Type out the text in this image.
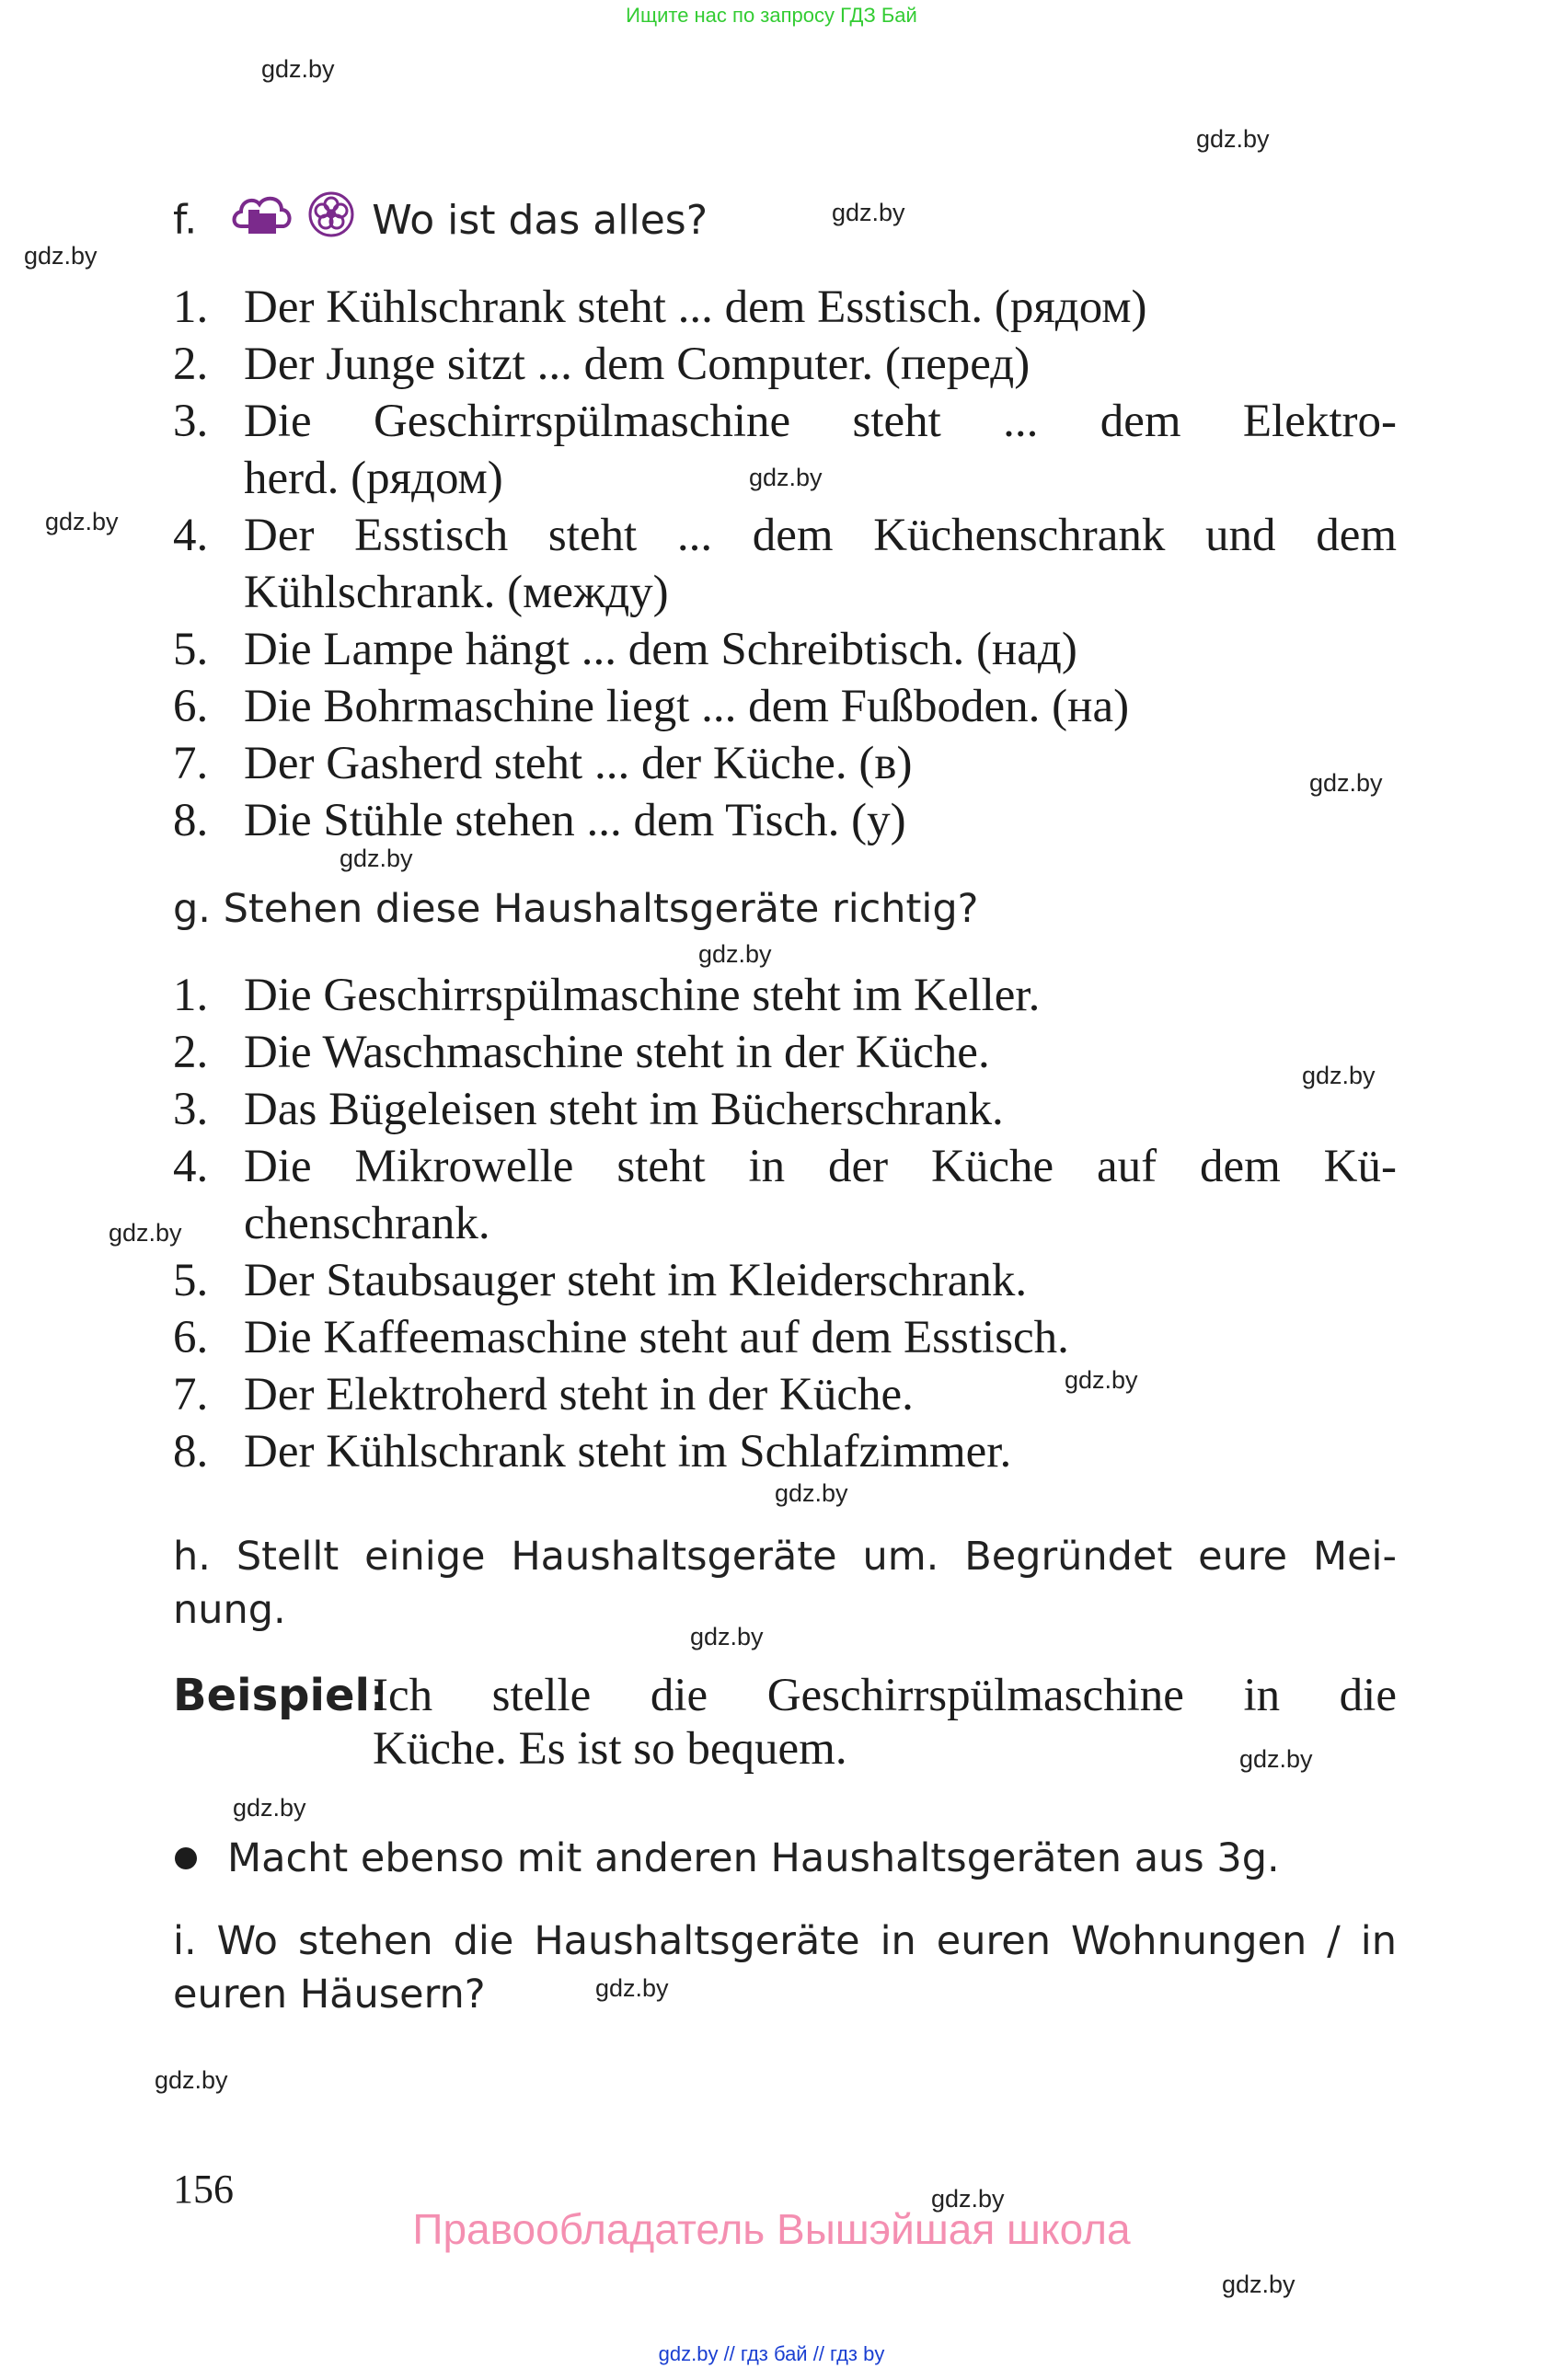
Ищите нас по запросу ГДЗ Бай
gdz.by
gdz.by
gdz.by
gdz.by
gdz.by
gdz.by
gdz.by
gdz.by
gdz.by
gdz.by
gdz.by
gdz.by
gdz.by
gdz.by
gdz.by
gdz.by
gdz.by
gdz.by
gdz.by
gdz.by
f.	Wo ist das alles?
1. Der Kühlschrank steht ... dem Esstisch. (рядом)
2. Der Junge sitzt ... dem Computer. (перед)
3. Die Geschirrspülmaschine steht ... dem Elektro-
herd. (рядом)
4. Der Esstisch steht ... dem Küchenschrank und dem
Kühlschrank. (между)
5. Die Lampe hängt ... dem Schreibtisch. (над)
6. Die Bohrmaschine liegt ... dem Fußboden. (на)
7. Der Gasherd steht ... der Küche. (в)
8. Die Stühle stehen ... dem Tisch. (у)
g. Stehen diese Haushaltsgeräte richtig?
1. Die Geschirrspülmaschine steht im Keller.
2. Die Waschmaschine steht in der Küche.
3. Das Bügeleisen steht im Bücherschrank.
4. Die Mikrowelle steht in der Küche auf dem Kü-
chenschrank.
5. Der Staubsauger steht im Kleiderschrank.
6. Die Kaffeemaschine steht auf dem Esstisch.
7. Der Elektroherd steht in der Küche.
8. Der Kühlschrank steht im Schlafzimmer.
h. Stellt einige Haushaltsgeräte um. Begründet eure Mei-
nung.
Beispiel:
Ich stelle die Geschirrspülmaschine in die
Küche. Es ist so bequem.
Macht ebenso mit anderen Haushaltsgeräten aus 3g.
i. Wo stehen die Haushaltsgeräte in euren Wohnungen / in
euren Häusern?
156
Правообладатель Вышэйшая школа
gdz.by // гдз бай // гдз by
